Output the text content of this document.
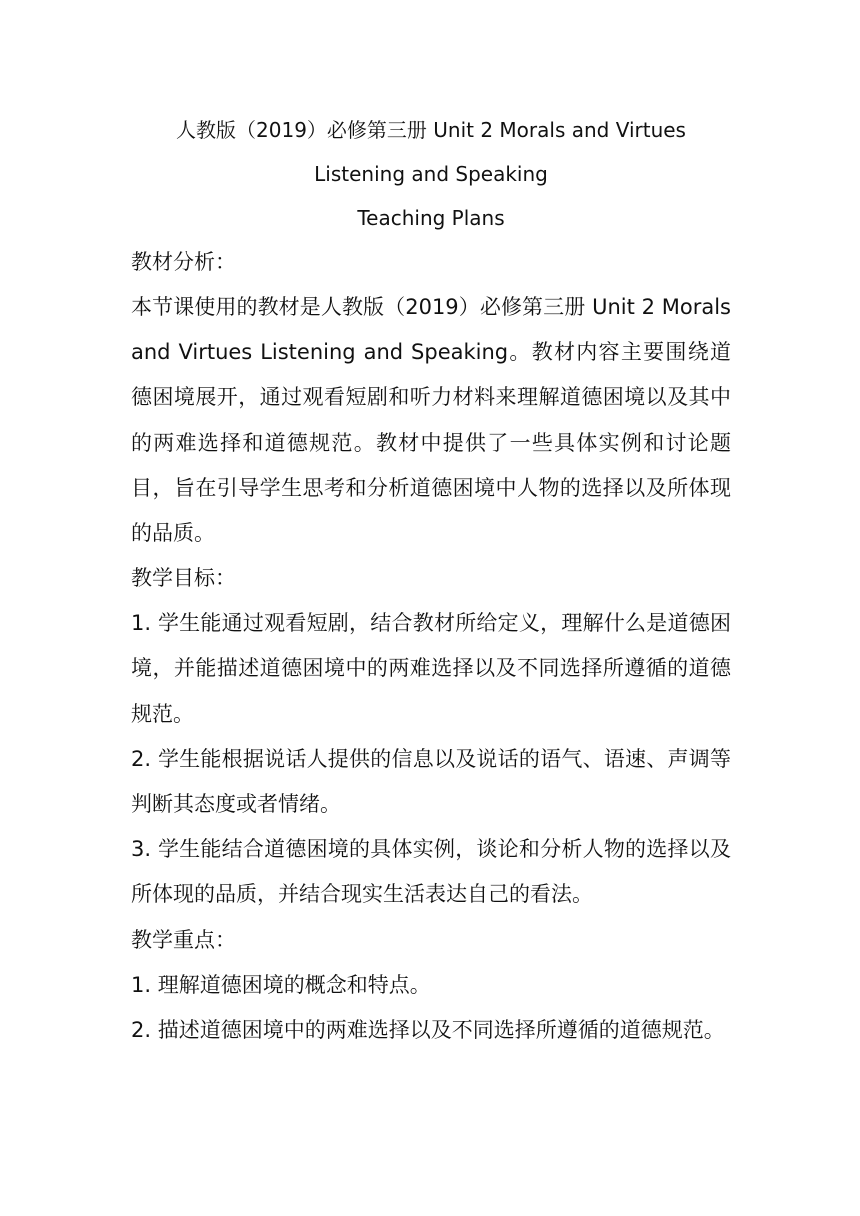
人教版（2019）必修第三册 Unit 2 Morals and Virtues
Listening and Speaking
Teaching Plans
教材分析：
本节课使用的教材是人教版（2019）必修第三册 Unit 2 Morals and Virtues Listening and Speaking。教材内容主要围绕道德困境展开，通过观看短剧和听力材料来理解道德困境以及其中的两难选择和道德规范。教材中提供了一些具体实例和讨论题目，旨在引导学生思考和分析道德困境中人物的选择以及所体现的品质。
教学目标：
1. 学生能通过观看短剧，结合教材所给定义，理解什么是道德困境，并能描述道德困境中的两难选择以及不同选择所遵循的道德规范。
2. 学生能根据说话人提供的信息以及说话的语气、语速、声调等判断其态度或者情绪。
3. 学生能结合道德困境的具体实例，谈论和分析人物的选择以及所体现的品质，并结合现实生活表达自己的看法。
教学重点：
1. 理解道德困境的概念和特点。
2. 描述道德困境中的两难选择以及不同选择所遵循的道德规范。
